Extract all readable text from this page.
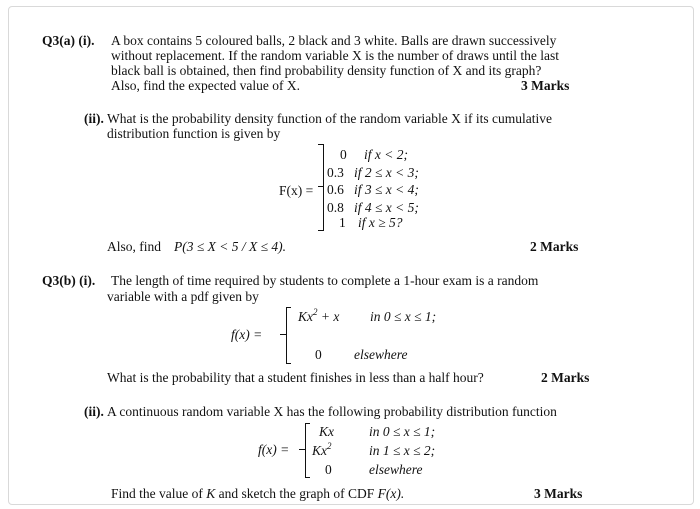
Q3(a) (i). A box contains 5 coloured balls, 2 black and 3 white. Balls are drawn successively
without replacement. If the random variable X is the number of draws until the last
black ball is obtained, then find probability density function of X and its graph?
Also, find the expected value of X.	3 Marks
(ii). What is the probability density function of the random variable X if its cumulative
distribution function is given by
F(x) =
0 if x < 2;
0.3 if 2 ≤ x < 3;
0.6 if 3 ≤ x < 4;
0.8 if 4 ≤ x < 5;
1 if x ≥ 5?
Also, find P(3 ≤ X < 5 / X ≤ 4).	2 Marks
Q3(b) (i). The length of time required by students to complete a 1-hour exam is a random
variable with a pdf given by
f(x) =
$Kx^2 + x$ in 0 ≤ x ≤ 1;
0 elsewhere
What is the probability that a student finishes in less than a half hour?	2 Marks
(ii). A continuous random variable X has the following probability distribution function
f(x) =
Kx	in 0 ≤ x ≤ 1;
Kx$^2$	in 1 ≤ x ≤ 2;
0	elsewhere
Find the value of K and sketch the graph of CDF F(x).	3 Marks
